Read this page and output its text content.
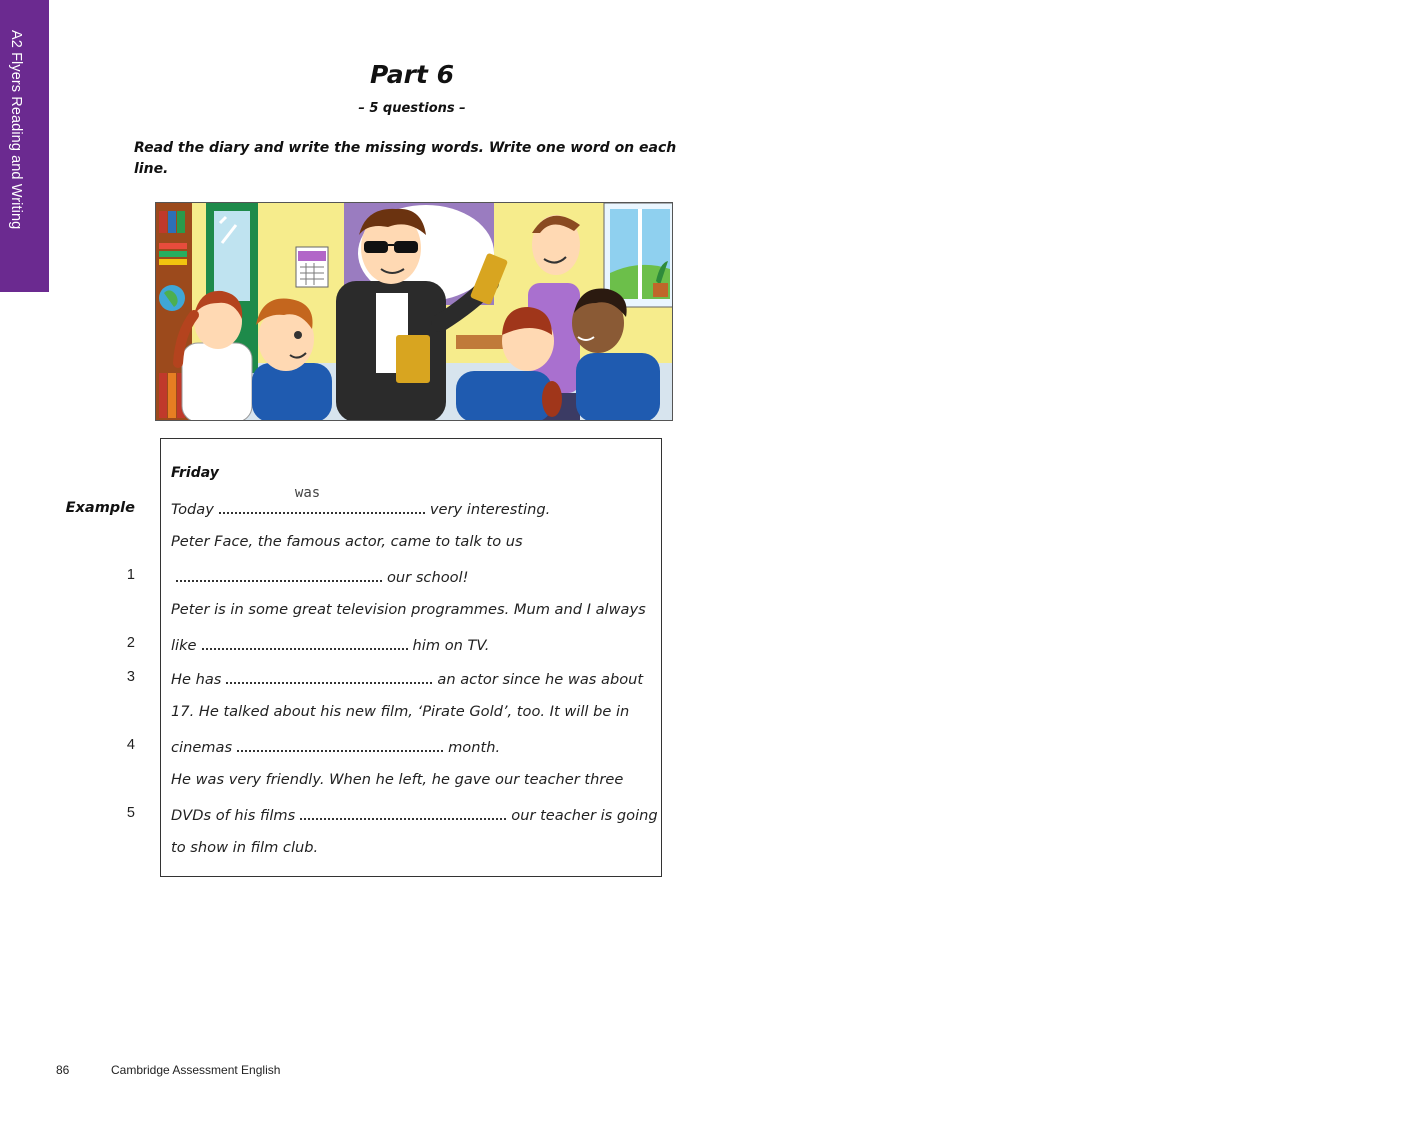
A2 Flyers Reading and Writing	Part 6
– 5 questions –

Read the diary and write the missing words. Write one word on each line.

Friday
Example Today
was
very interesting.
Peter Face, the famous actor, came to talk to us
1	our school!
Peter is in some great television programmes. Mum and I always
2 like	him on TV.
3 He has	an actor since he was about
17. He talked about his new film, ‘Pirate Gold’, too. It will be in
4 cinemas	month.
He was very friendly. When he left, he gave our teacher three
5 DVDs of his films	our teacher is going
to show in film club.
86	Cambridge Assessment English
